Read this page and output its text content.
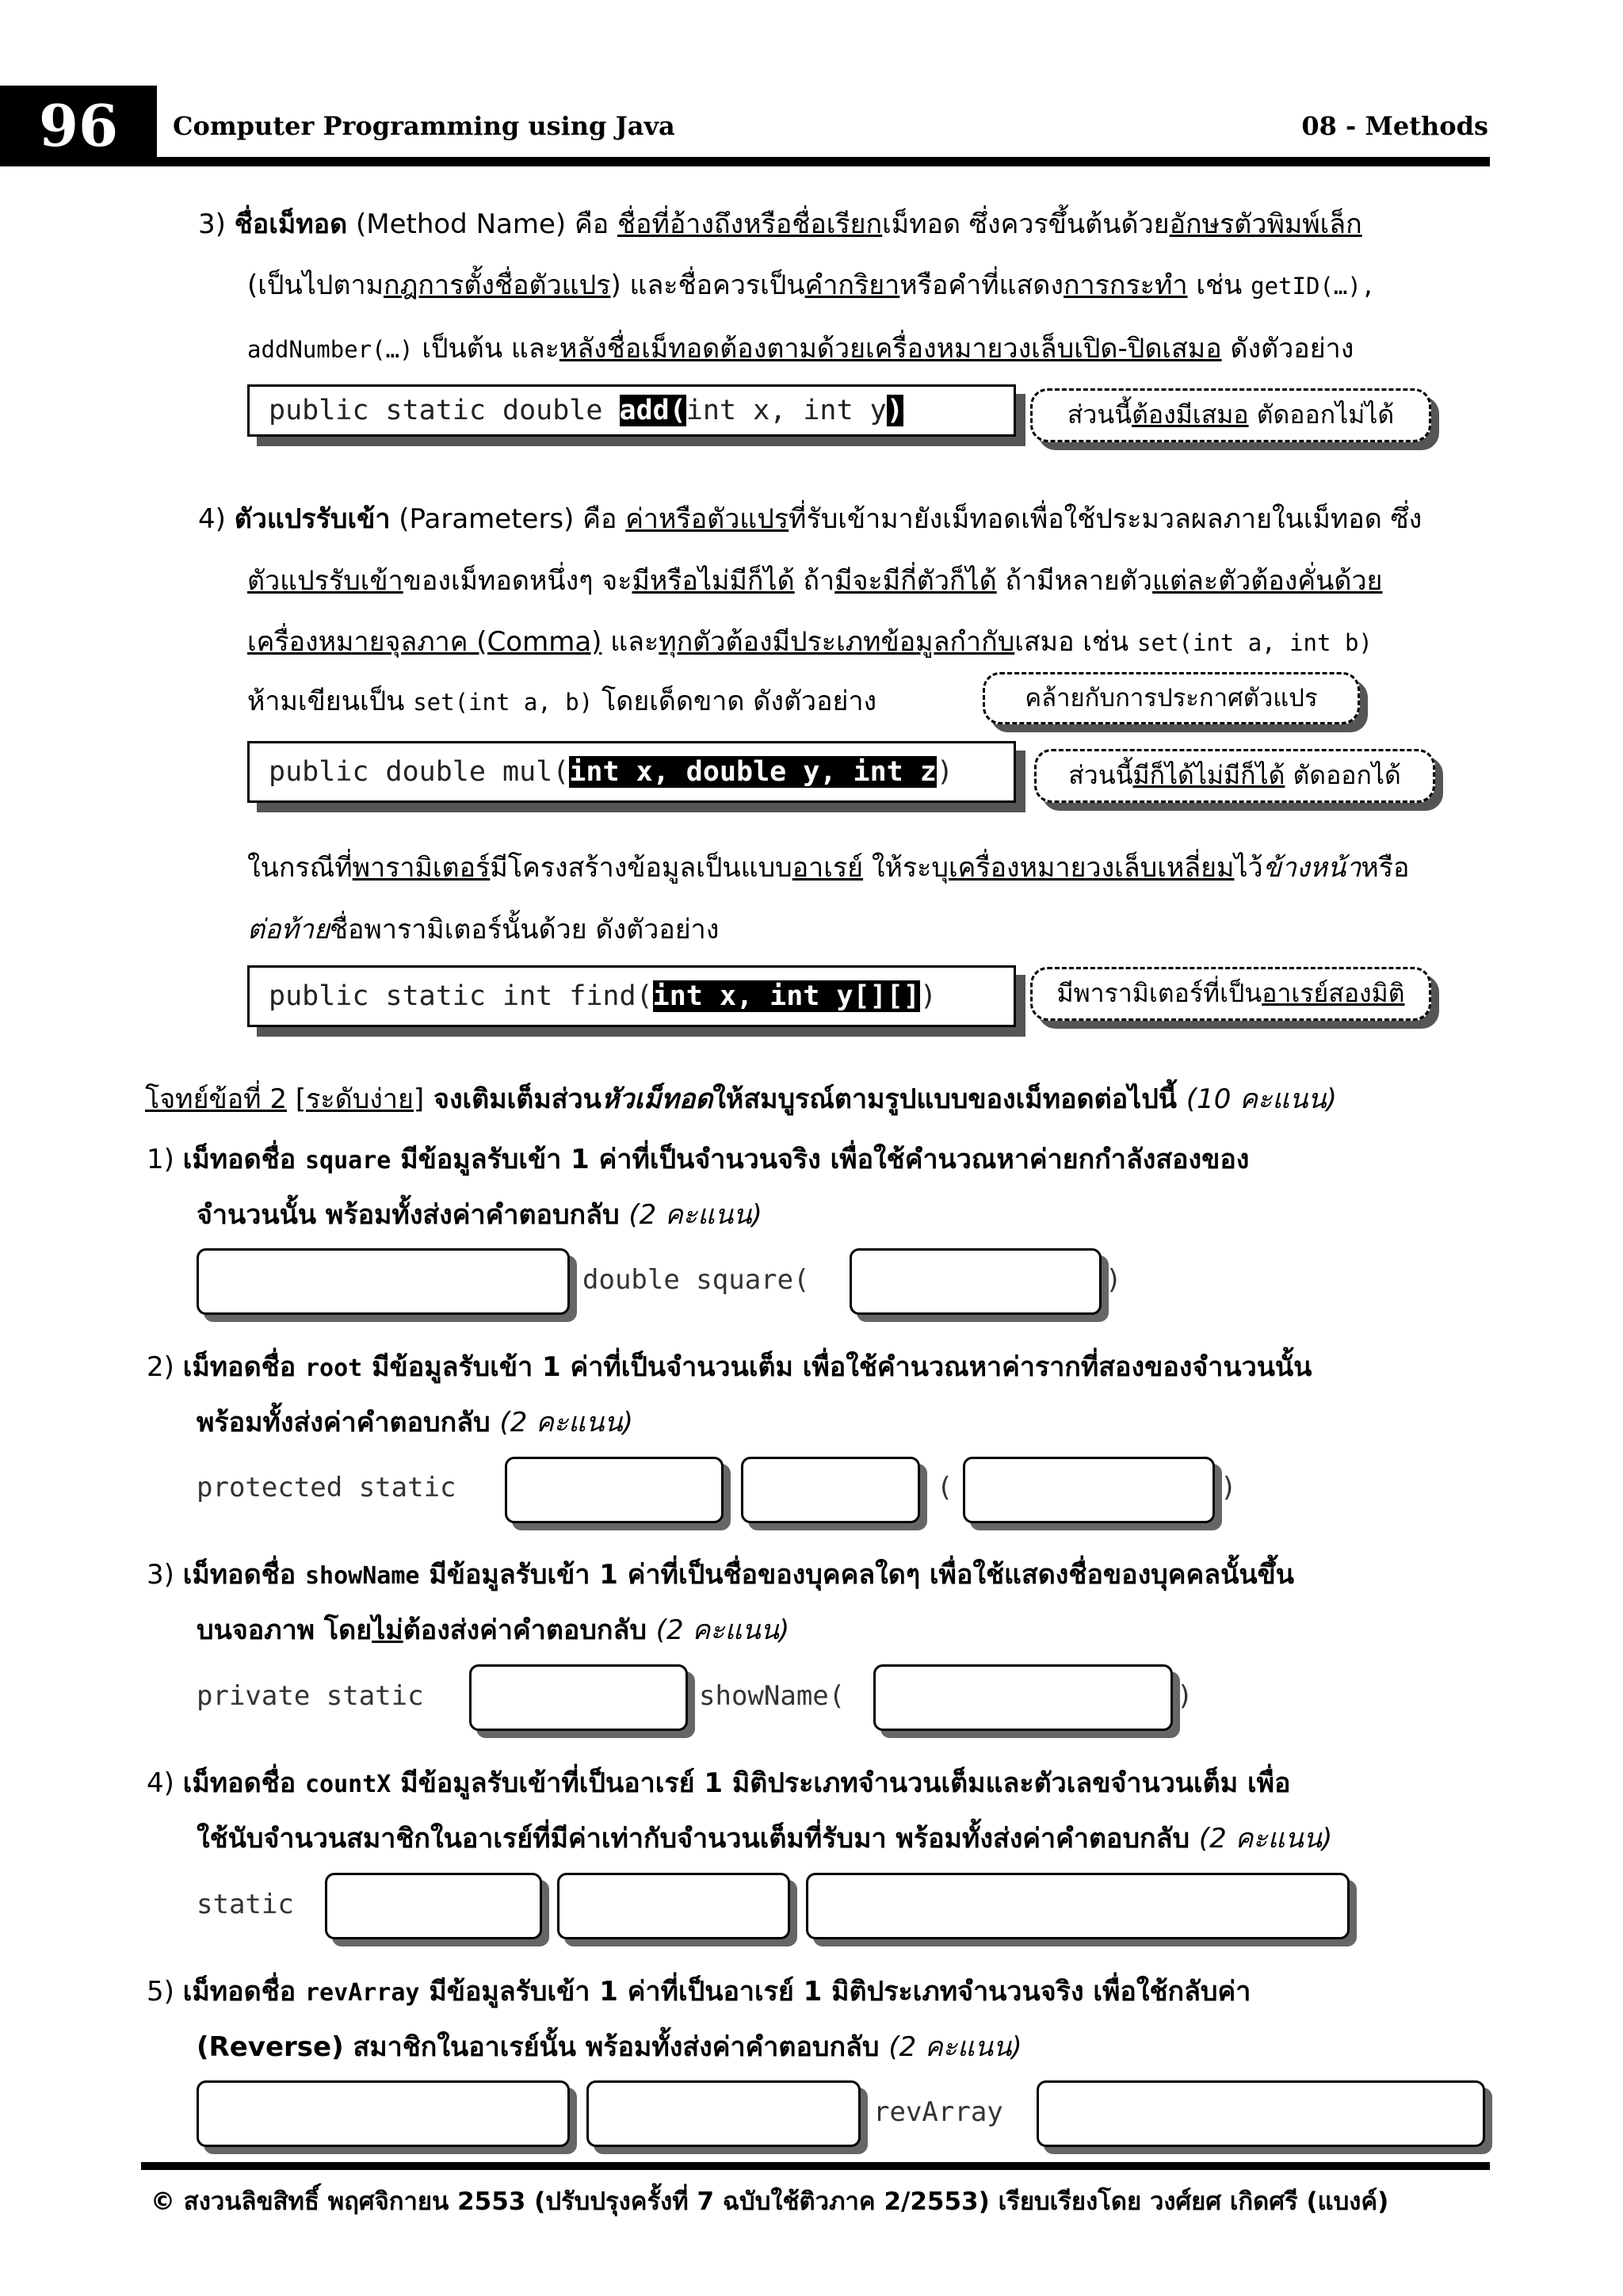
96	Computer Programming using Java	08 - Methods
3) ชื่อเม็ทอด (Method Name) คือ ชื่อที่อ้างถึงหรือชื่อเรียกเม็ทอด ซึ่งควรขึ้นต้นด้วยอักษรตัวพิมพ์เล็ก
(เป็นไปตามกฎการตั้งชื่อตัวแปร) และชื่อควรเป็นคำกริยาหรือคำที่แสดงการกระทำ เช่น getID(…),
addNumber(…) เป็นต้น และหลังชื่อเม็ทอดต้องตามด้วยเครื่องหมายวงเล็บเปิด-ปิดเสมอ ดังตัวอย่าง
public static double add(int x, int y)	ส่วนนี้ต้องมีเสมอ ตัดออกไม่ได้
4) ตัวแปรรับเข้า (Parameters) คือ ค่าหรือตัวแปรที่รับเข้ามายังเม็ทอดเพื่อใช้ประมวลผลภายในเม็ทอด ซึ่ง
ตัวแปรรับเข้าของเม็ทอดหนึ่งๆ จะมีหรือไม่มีก็ได้ ถ้ามีจะมีกี่ตัวก็ได้ ถ้ามีหลายตัวแต่ละตัวต้องคั่นด้วย
เครื่องหมายจุลภาค (Comma) และทุกตัวต้องมีประเภทข้อมูลกำกับเสมอ เช่น set(int a, int b)
ห้ามเขียนเป็น set(int a, b) โดยเด็ดขาด ดังตัวอย่าง	คล้ายกับการประกาศตัวแปร
public double mul(int x, double y, int z)	ส่วนนี้มีก็ได้ไม่มีก็ได้ ตัดออกได้
ในกรณีที่พารามิเตอร์มีโครงสร้างข้อมูลเป็นแบบอาเรย์ ให้ระบุเครื่องหมายวงเล็บเหลี่ยมไว้ข้างหน้าหรือ
ต่อท้ายชื่อพารามิเตอร์นั้นด้วย ดังตัวอย่าง
public static int find(int x, int y[][])	มีพารามิเตอร์ที่เป็นอาเรย์สองมิติ
โจทย์ข้อที่ 2 [ระดับง่าย] จงเติมเต็มส่วนหัวเม็ทอดให้สมบูรณ์ตามรูปแบบของเม็ทอดต่อไปนี้ (10 คะแนน)
1) เม็ทอดชื่อ square มีข้อมูลรับเข้า 1 ค่าที่เป็นจำนวนจริง เพื่อใช้คำนวณหาค่ายกกำลังสองของ
จำนวนนั้น พร้อมทั้งส่งค่าคำตอบกลับ (2 คะแนน)
double square(	)
2) เม็ทอดชื่อ root มีข้อมูลรับเข้า 1 ค่าที่เป็นจำนวนเต็ม เพื่อใช้คำนวณหาค่ารากที่สองของจำนวนนั้น
พร้อมทั้งส่งค่าคำตอบกลับ (2 คะแนน)
protected static	(	)
3) เม็ทอดชื่อ showName มีข้อมูลรับเข้า 1 ค่าที่เป็นชื่อของบุคคลใดๆ เพื่อใช้แสดงชื่อของบุคคลนั้นขึ้น
บนจอภาพ โดยไม่ต้องส่งค่าคำตอบกลับ (2 คะแนน)
private static	showName(	)
4) เม็ทอดชื่อ countX มีข้อมูลรับเข้าที่เป็นอาเรย์ 1 มิติประเภทจำนวนเต็มและตัวเลขจำนวนเต็ม เพื่อ
ใช้นับจำนวนสมาชิกในอาเรย์ที่มีค่าเท่ากับจำนวนเต็มที่รับมา พร้อมทั้งส่งค่าคำตอบกลับ (2 คะแนน)
static
5) เม็ทอดชื่อ revArray มีข้อมูลรับเข้า 1 ค่าที่เป็นอาเรย์ 1 มิติประเภทจำนวนจริง เพื่อใช้กลับค่า
(Reverse) สมาชิกในอาเรย์นั้น พร้อมทั้งส่งค่าคำตอบกลับ (2 คะแนน)
revArray
© สงวนลิขสิทธิ์ พฤศจิกายน 2553 (ปรับปรุงครั้งที่ 7 ฉบับใช้ติวภาค 2/2553) เรียบเรียงโดย วงศ์ยศ เกิดศรี (แบงค์)
